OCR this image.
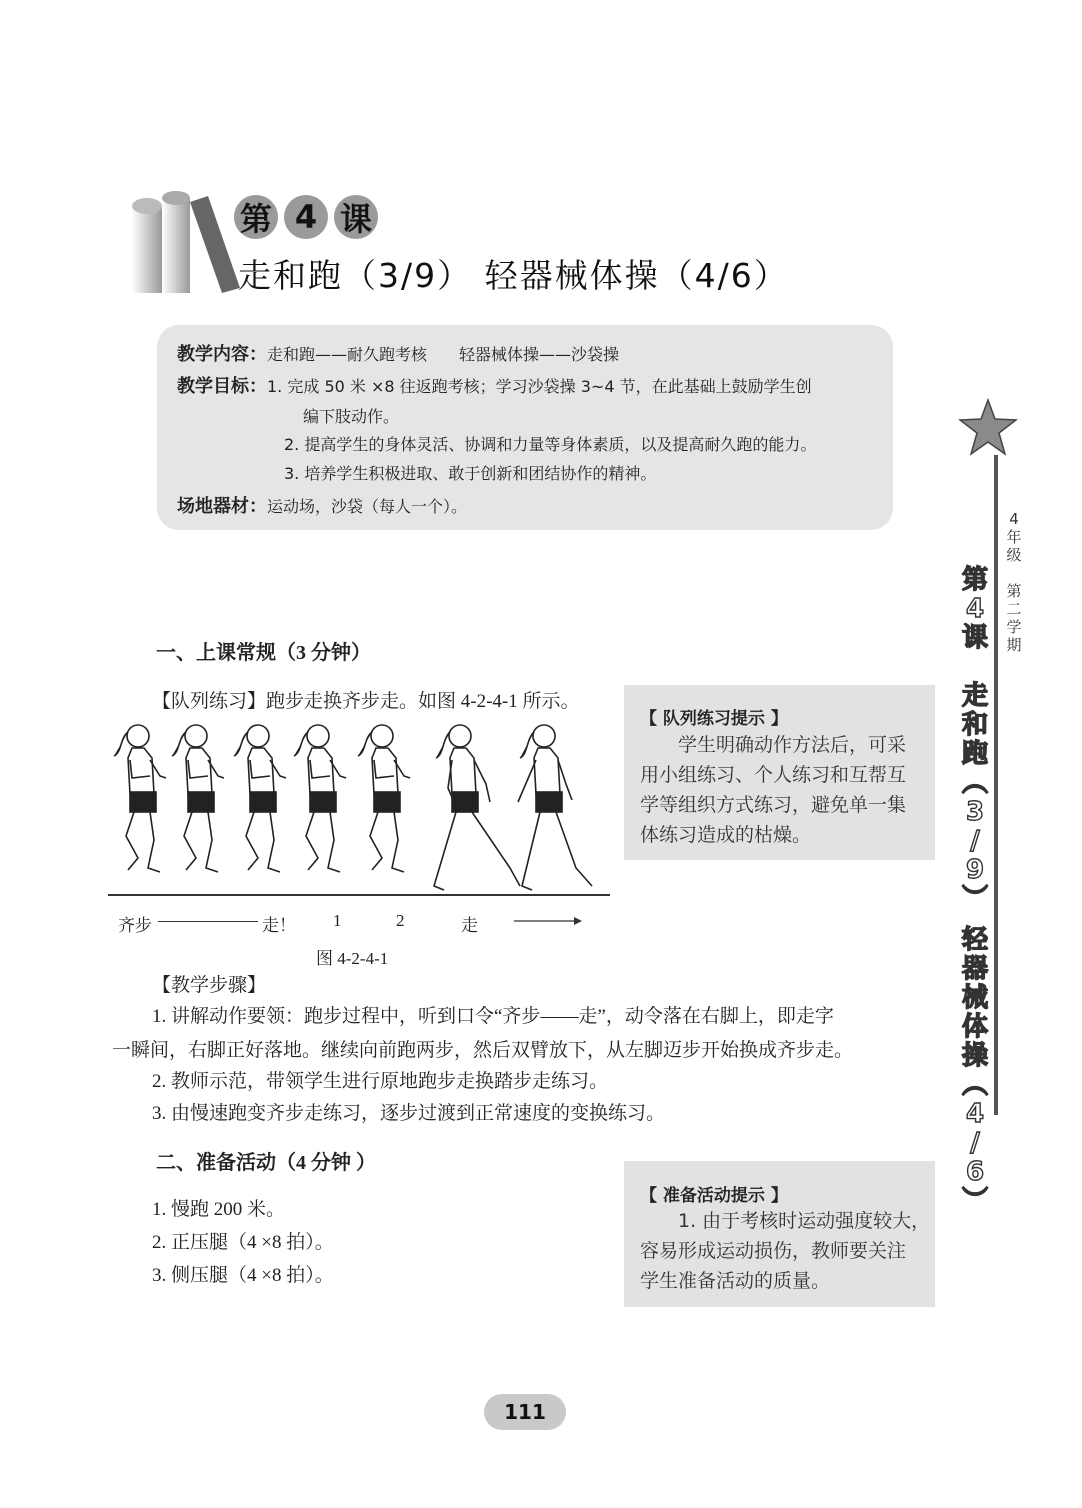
第 4 课
走和跑（3/9） 轻器械体操（4/6）
教学内容：走和跑——耐久跑考核　　轻器械体操——沙袋操
教学目标：1. 完成 50 米 ×8 往返跑考核；学习沙袋操 3~4 节，在此基础上鼓励学生创
编下肢动作。
2. 提高学生的身体灵活、协调和力量等身体素质，以及提高耐久跑的能力。
3. 培养学生积极进取、敢于创新和团结协作的精神。
场地器材：运动场，沙袋（每人一个）。
4
年
级
第
二
学
期
第
4
课
走
和
跑
︵
3
/
9
︶
轻
器
械
体
操
︵
4
/
6
︶
一、上课常规（3 分钟）
【队列练习】跑步走换齐步走。如图 4-2-4-1 所示。
齐步	走！ 1	2	走
图 4-2-4-1
【教学步骤】
1. 讲解动作要领：跑步过程中，听到口令“齐步——走”，动令落在右脚上，即走字
一瞬间，右脚正好落地。继续向前跑两步，然后双臂放下，从左脚迈步开始换成齐步走。
2. 教师示范，带领学生进行原地跑步走换踏步走练习。
3. 由慢速跑变齐步走练习，逐步过渡到正常速度的变换练习。
【 队列练习提示 】
学生明确动作方法后，可采
用小组练习、个人练习和互帮互
学等组织方式练习，避免单一集
体练习造成的枯燥。
二、准备活动（4 分钟 ）
1. 慢跑 200 米。
2. 正压腿（4 ×8 拍）。
3. 侧压腿（4 ×8 拍）。
【 准备活动提示 】
1. 由于考核时运动强度较大，
容易形成运动损伤，教师要关注
学生准备活动的质量。
111
